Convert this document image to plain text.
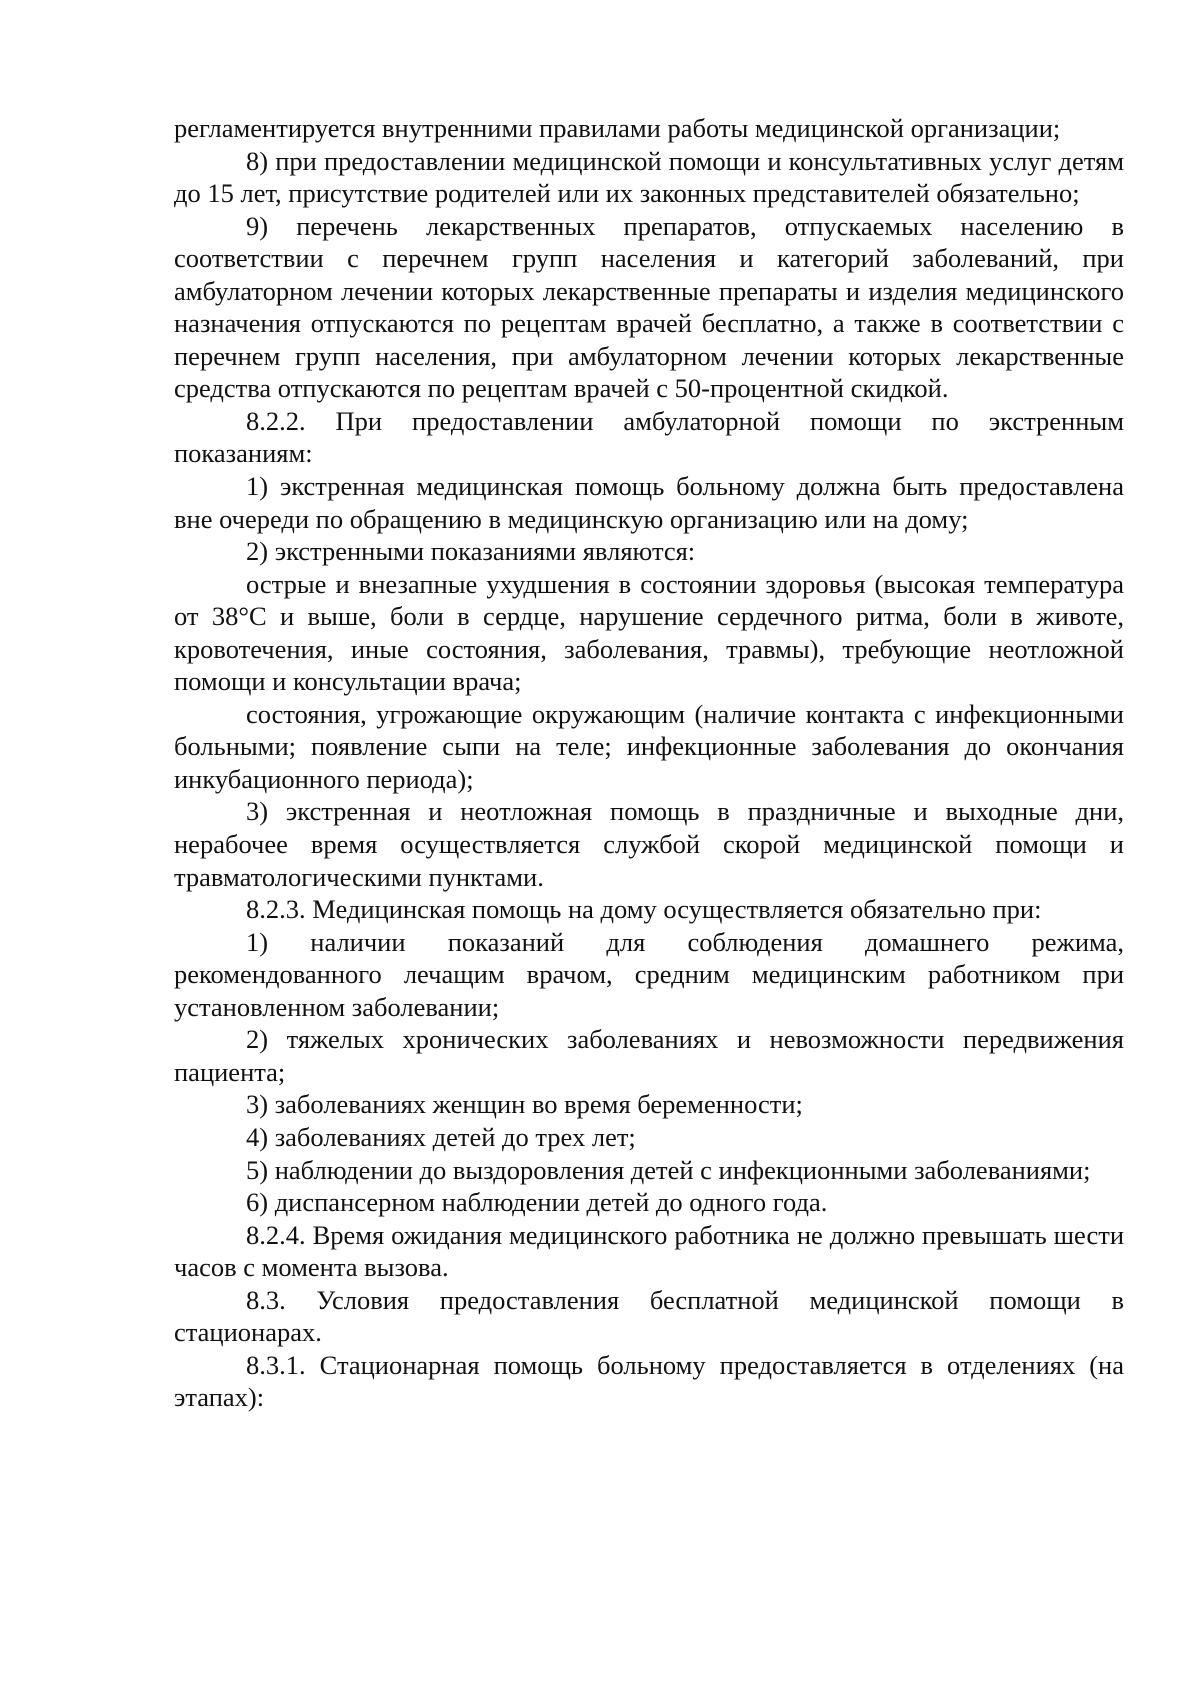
регламентируется внутренними правилами работы медицинской организации;

8) при предоставлении медицинской помощи и консультативных услуг детям до 15 лет, присутствие родителей или их законных представителей обязательно;

9) перечень лекарственных препаратов, отпускаемых населению в соответствии с перечнем групп населения и категорий заболеваний, при амбулаторном лечении которых лекарственные препараты и изделия медицинского назначения отпускаются по рецептам врачей бесплатно, а также в соответствии с перечнем групп населения, при амбулаторном лечении которых лекарственные средства отпускаются по рецептам врачей с 50-процентной скидкой.

8.2.2. При предоставлении амбулаторной помощи по экстренным показаниям:

1) экстренная медицинская помощь больному должна быть предоставлена вне очереди по обращению в медицинскую организацию или на дому;

2) экстренными показаниями являются:

острые и внезапные ухудшения в состоянии здоровья (высокая температура от 38°С и выше, боли в сердце, нарушение сердечного ритма, боли в животе, кровотечения, иные состояния, заболевания, травмы), требующие неотложной помощи и консультации врача;

состояния, угрожающие окружающим (наличие контакта с инфекционными больными; появление сыпи на теле; инфекционные заболевания до окончания инкубационного периода);

3) экстренная и неотложная помощь в праздничные и выходные дни, нерабочее время осуществляется службой скорой медицинской помощи и травматологическими пунктами.

8.2.3. Медицинская помощь на дому осуществляется обязательно при:

1) наличии показаний для соблюдения домашнего режима, рекомендованного лечащим врачом, средним медицинским работником при установленном заболевании;

2) тяжелых хронических заболеваниях и невозможности передвижения пациента;

3) заболеваниях женщин во время беременности;

4) заболеваниях детей до трех лет;

5) наблюдении до выздоровления детей с инфекционными заболеваниями;

6) диспансерном наблюдении детей до одного года.

8.2.4. Время ожидания медицинского работника не должно превышать шести часов с момента вызова.

8.3. Условия предоставления бесплатной медицинской помощи в стационарах.

8.3.1. Стационарная помощь больному предоставляется в отделениях (на этапах):
